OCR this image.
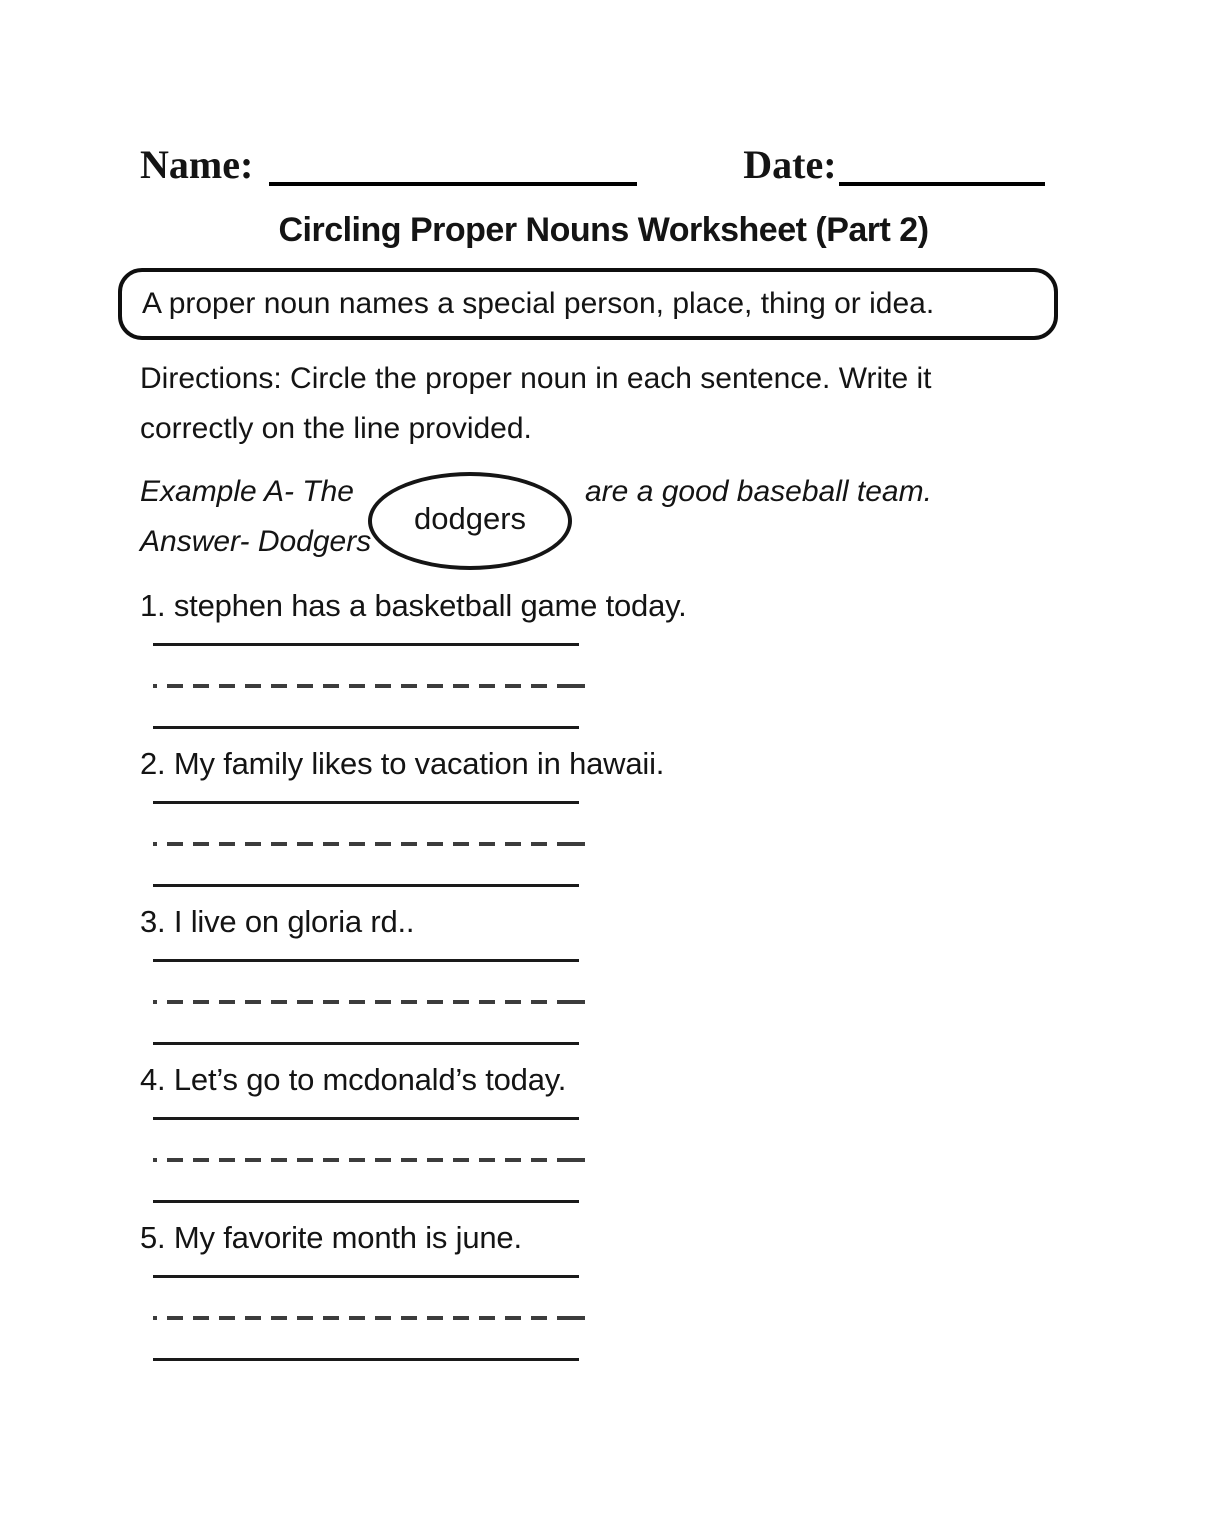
Name:	Date:
Circling Proper Nouns Worksheet (Part 2)
A proper noun names a special person, place, thing or idea.
Directions: Circle the proper noun in each sentence. Write it
correctly on the line provided.
Example A- The	are a good baseball team.
Answer- Dodgers
dodgers
1. stephen has a basketball game today.
2. My family likes to vacation in hawaii.
3. I live on gloria rd..
4. Let’s go to mcdonald’s today.
5. My favorite month is june.
